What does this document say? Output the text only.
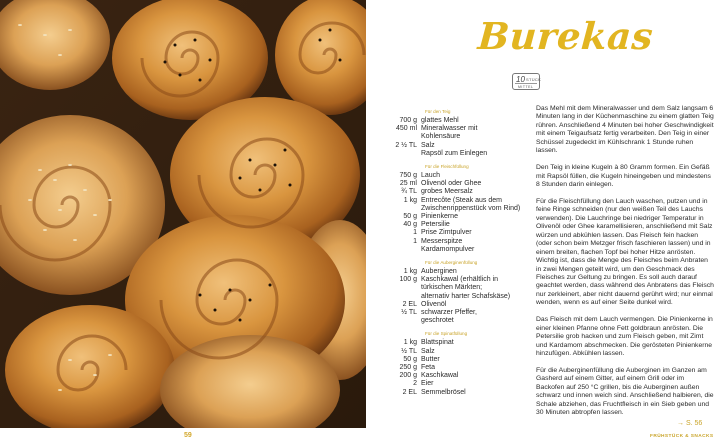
59
Burekas
10 STÜCK
MITTEL
Für den Teig
700 g glattes Mehl
450 ml Mineralwasser mit
Kohlensäure
2 ½ TL Salz
Rapsöl zum Einlegen
Für die Fleischfüllung
750 g Lauch
25 ml Olivenöl oder Ghee
¾ TL grobes Meersalz
1 kg Entrecôte (Steak aus dem
Zwischenrippenstück vom Rind)
50 g Pinienkerne
40 g Petersilie
1 Prise Zimtpulver
1 Messerspitze
Kardamompulver
Für die Auberginenfüllung
1 kg Auberginen
100 g Kaschkawal (erhältlich in
türkischen Märkten;
alternativ harter Schafskäse)
2 EL Olivenöl
½ TL schwarzer Pfeffer,
geschrotet
Für die Spinatfüllung
1 kg Blattspinat
½ TL Salz
50 g Butter
250 g Feta
200 g Kaschkawal
2 Eier
2 EL Semmelbrösel

Das Mehl mit dem Mineralwasser und dem Salz langsam 6 Minuten lang in der Küchenmaschine zu einem glatten Teig rühren. Anschließend 4 Minuten bei hoher Geschwindigkeit mit einem Teigaufsatz fertig verarbeiten. Den Teig in einer Schüssel zugedeckt im Kühlschrank 1 Stunde ruhen lassen.

Den Teig in kleine Kugeln à 80 Gramm formen. Ein Gefäß mit Rapsöl füllen, die Kugeln hineingeben und mindestens 8 Stunden darin einlegen.

Für die Fleischfüllung den Lauch waschen, putzen und in feine Ringe schneiden (nur den weißen Teil des Lauchs verwenden). Die Lauchringe bei niedriger Temperatur in Olivenöl oder Ghee karamellisieren, anschließend mit Salz würzen und abkühlen lassen. Das Fleisch fein hacken (oder schon beim Metzger frisch faschieren lassen) und in einem breiten, flachen Topf bei hoher Hitze anrösten. Wichtig ist, dass die Menge des Fleisches beim Anbraten in zwei Mengen geteilt wird, um den Geschmack des Fleisches zur Geltung zu bringen. Es soll auch darauf geachtet werden, dass während des Anbratens das Fleisch nur zerkleinert, aber nicht dauernd gerührt wird; nur einmal wenden, wenn es auf einer Seite dunkel wird.

Das Fleisch mit dem Lauch vermengen. Die Pinienkerne in einer kleinen Pfanne ohne Fett goldbraun anrösten. Die Petersilie grob hacken und zum Fleisch geben, mit Zimt und Kardamom abschmecken. Die gerösteten Pinienkerne hinzufügen. Abkühlen lassen.

Für die Auberginenfüllung die Auberginen im Ganzen am Gasherd auf einem Gitter, auf einem Grill oder im Backofen auf 250 °C grillen, bis die Auberginen außen schwarz und innen weich sind. Anschließend halbieren, die Schale abziehen, das Fruchtfleisch in ein Sieb geben und 30 Minuten abtropfen lassen.

→ S. 56
FRÜHSTÜCK & SNACKS
